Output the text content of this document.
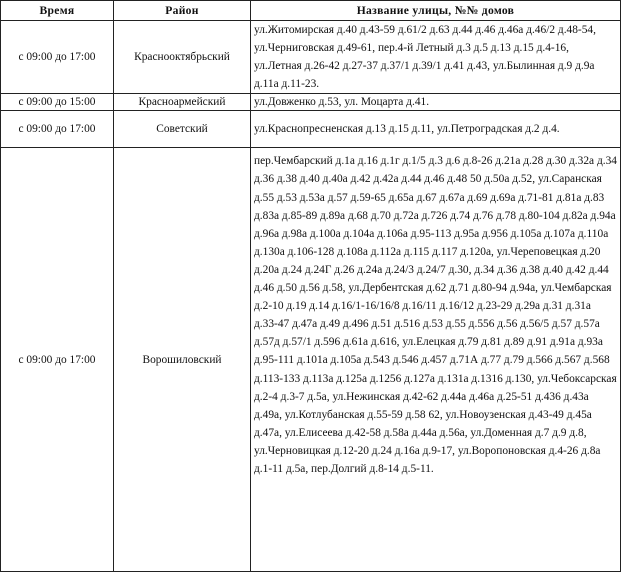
Время	Район	Название улицы, №№ домов
с 09:00 до 17:00	Краснооктябрьский	ул.Житомирская д.40 д.43-59 д.61/2 д.63 д.44 д.46 д.46а д.46/2 д.48-54, ул.Черниговская д.49-61, пер.4-й Летный д.3 д.5 д.13 д.15 д.4-16, ул.Летная д.26-42 д.27-37 д.37/1 д.39/1 д.41 д.43, ул.Былинная д.9 д.9а д.11а д.11-23.
с 09:00 до 15:00	Красноармейский	ул.Довженко д.53, ул. Моцарта д.41.
с 09:00 до 17:00	Советский	ул.Краснопресненская д.13 д.15 д.11, ул.Петроградская д.2 д.4.
с 09:00 до 17:00	Ворошиловский	пер.Чембарский д.1а д.16 д.1г д.1/5 д.3 д.6 д.8-26 д.21а д.28 д.30 д.32а д.34 д.36 д.38 д.40 д.40а д.42 д.42а д.44 д.46 д.48 50 д.50а д.52, ул.Саранская д.55 д.53 д.53а д.57 д.59-65 д.65а д.67 д.67а д.69 д.69а д.71-81 д.81а д.83 д.83а д.85-89 д.89а д.68 д.70 д.72а д.726 д.74 д.76 д.78 д.80-104 д.82а д.94а д.96а д.98а д.100а д.104а д.106а д.95-113 д.95а д.956 д.105а д.107а д.110а д.130а д.106-128 д.108а д.112а д.115 д.117 д.120а, ул.Череповецкая д.20 д.20а д.24 д.24Г д.26 д.24а д.24/3 д.24/7 д.30, д.34 д.36 д.38 д.40 д.42 д.44 д.46 д.50 д.56 д.58, ул.Дербентская д.62 д.71 д.80-94 д.94а, ул.Чембарская д.2-10 д.19 д.14 д.16/1-16/16/8 д.16/11 д.16/12 д.23-29 д.29а д.31 д.31а д.33-47 д.47а д.49 д.496 д.51 д.516 д.53 д.55 д.556 д.56 д.56/5 д.57 д.57а д.57д д.57/1 д.596 д.61а д.616, ул.Елецкая д.79 д.81 д.89 д.91 д.91а д.93а д.95-111 д.101а д.105а д.543 д.546 д.457 д.71А д.77 д.79 д.566 д.567 д.568 д.113-133 д.113а д.125а д.1256 д.127а д.131а д.1316 д.130, ул.Чебоксарская д.2-4 д.3-7 д.5а, ул.Нежинская д.42-62 д.44а д.46а д.25-51 д.436 д.43а д.49а, ул.Котлубанская д.55-59 д.58 62, ул.Новоузенская д.43-49 д.45а д.47а, ул.Елисеева д.42-58 д.58а д.44а д.56а, ул.Доменная д.7 д.9 д.8, ул.Черновицкая д.12-20 д.24 д.16а д.9-17, ул.Воропоновская д.4-26 д.8а д.1-11 д.5а, пер.Долгий д.8-14 д.5-11.
